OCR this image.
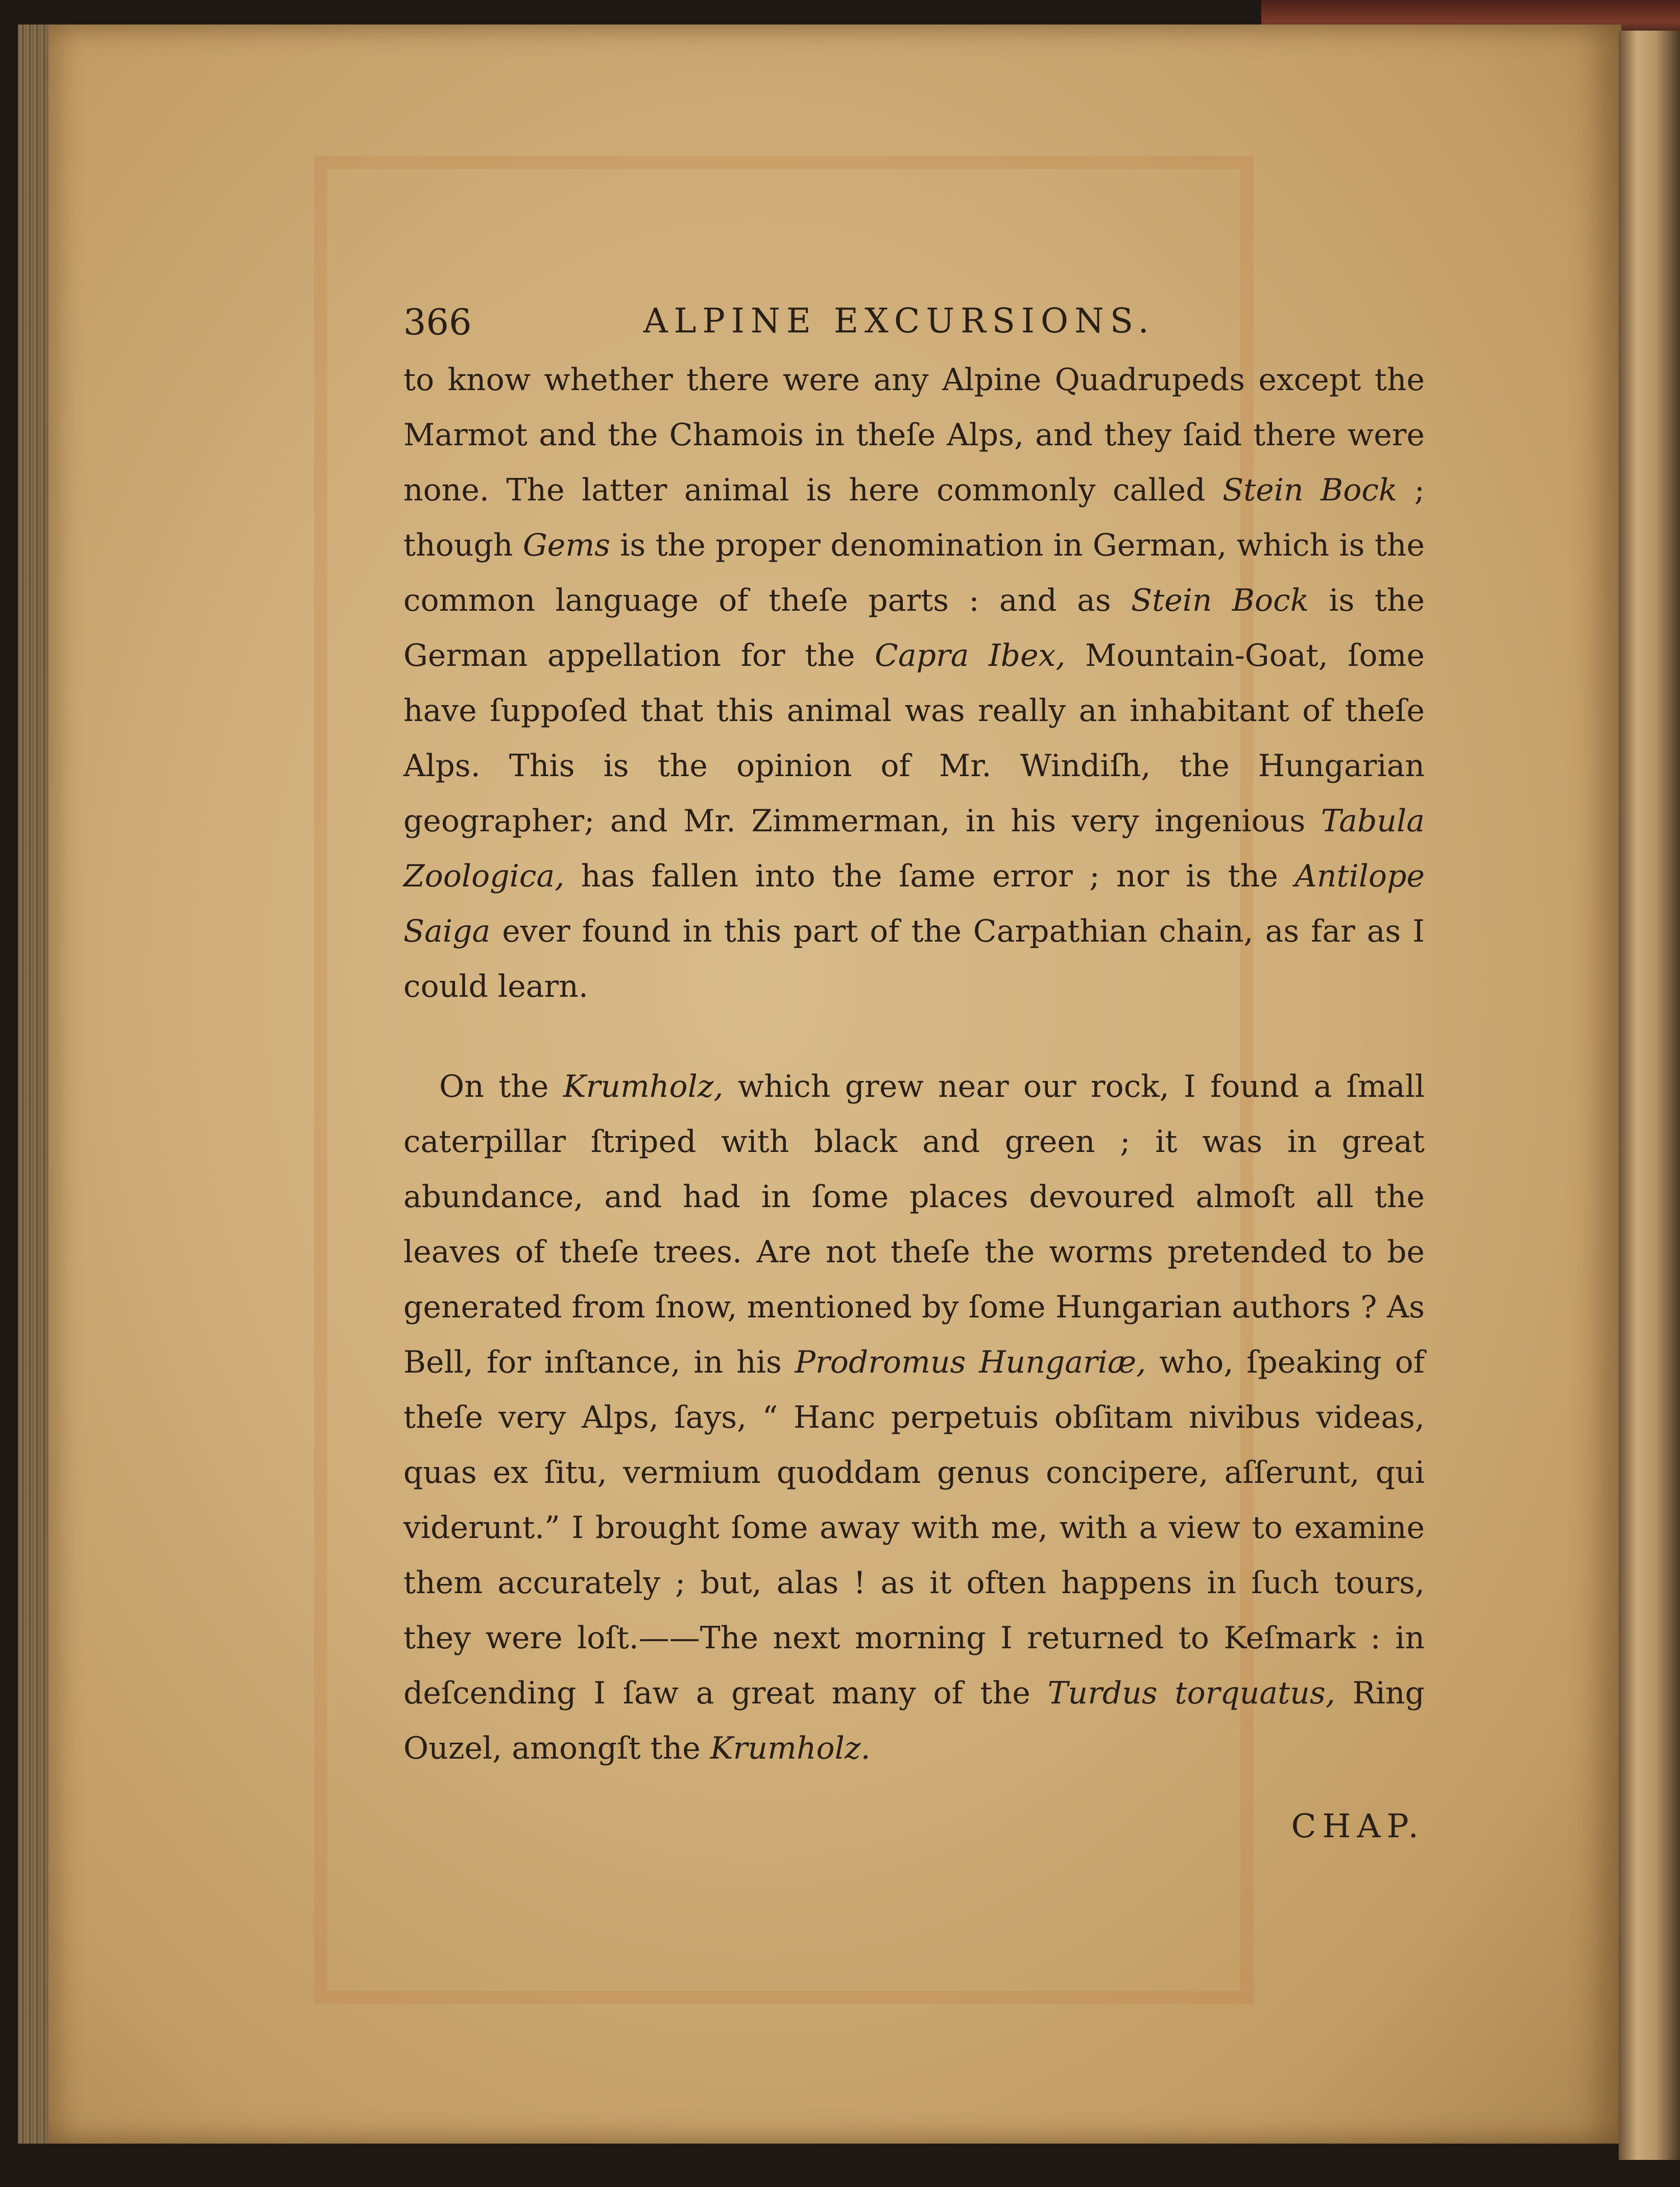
366	ALPINE EXCURSIONS.

to know whether there were any Alpine Quadrupeds except the Marmot and the Chamois in theſe Alps, and they ſaid there were none. The latter animal is here commonly called Stein Bock ; though Gems is the proper denomination in German, which is the common language of theſe parts : and as Stein Bock is the German appellation for the Capra Ibex, Mountain-Goat, ſome have ſuppoſed that this animal was really an inhabitant of theſe Alps. This is the opinion of Mr. Windiſh, the Hungarian geographer; and Mr. Zimmerman, in his very ingenious Tabula Zoologica, has fallen into the ſame error ; nor is the Antilope Saiga ever found in this part of the Carpathian chain, as far as I could learn.

On the Krumholz, which grew near our rock, I found a ſmall caterpillar ſtriped with black and green ; it was in great abundance, and had in ſome places devoured almoſt all the leaves of theſe trees. Are not theſe the worms pretended to be generated from ſnow, mentioned by ſome Hungarian authors ? As Bell, for inſtance, in his Prodromus Hungariæ, who, ſpeaking of theſe very Alps, ſays, “ Hanc perpetuis obſitam nivibus videas, quas ex ſitu, vermium quoddam genus concipere, aſſerunt, qui viderunt.” I brought ſome away with me, with a view to examine them accurately ; but, alas ! as it often happens in ſuch tours, they were loſt.——The next morning I returned to Keſmark : in deſcending I ſaw a great many of the Turdus torquatus, Ring Ouzel, amongſt the Krumholz.

CHAP.
